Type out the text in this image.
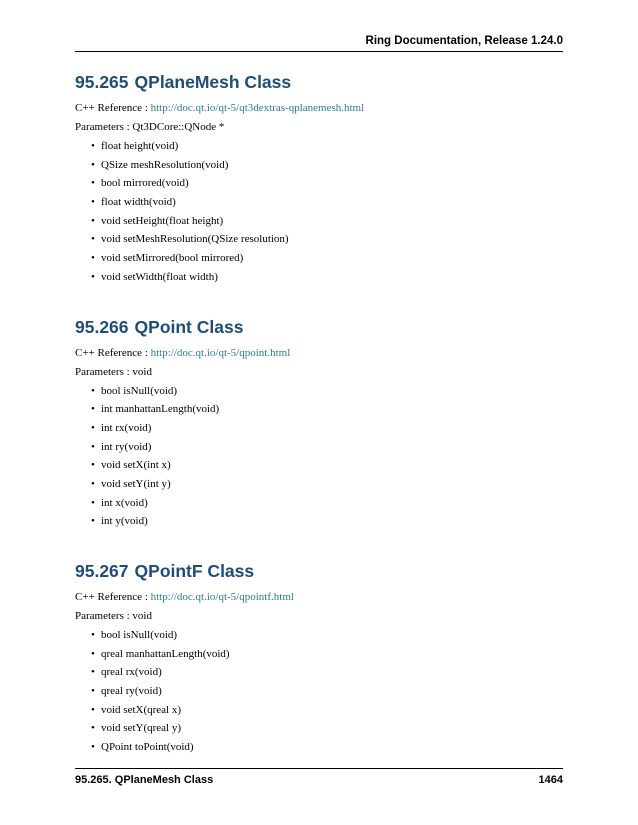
Ring Documentation, Release 1.24.0
95.265 QPlaneMesh Class
C++ Reference : http://doc.qt.io/qt-5/qt3dextras-qplanemesh.html
Parameters : Qt3DCore::QNode *
• float height(void)
• QSize meshResolution(void)
• bool mirrored(void)
• float width(void)
• void setHeight(float height)
• void setMeshResolution(QSize resolution)
• void setMirrored(bool mirrored)
• void setWidth(float width)
95.266 QPoint Class
C++ Reference : http://doc.qt.io/qt-5/qpoint.html
Parameters : void
• bool isNull(void)
• int manhattanLength(void)
• int rx(void)
• int ry(void)
• void setX(int x)
• void setY(int y)
• int x(void)
• int y(void)
95.267 QPointF Class
C++ Reference : http://doc.qt.io/qt-5/qpointf.html
Parameters : void
• bool isNull(void)
• qreal manhattanLength(void)
• qreal rx(void)
• qreal ry(void)
• void setX(qreal x)
• void setY(qreal y)
• QPoint toPoint(void)
95.265. QPlaneMesh Class	1464
